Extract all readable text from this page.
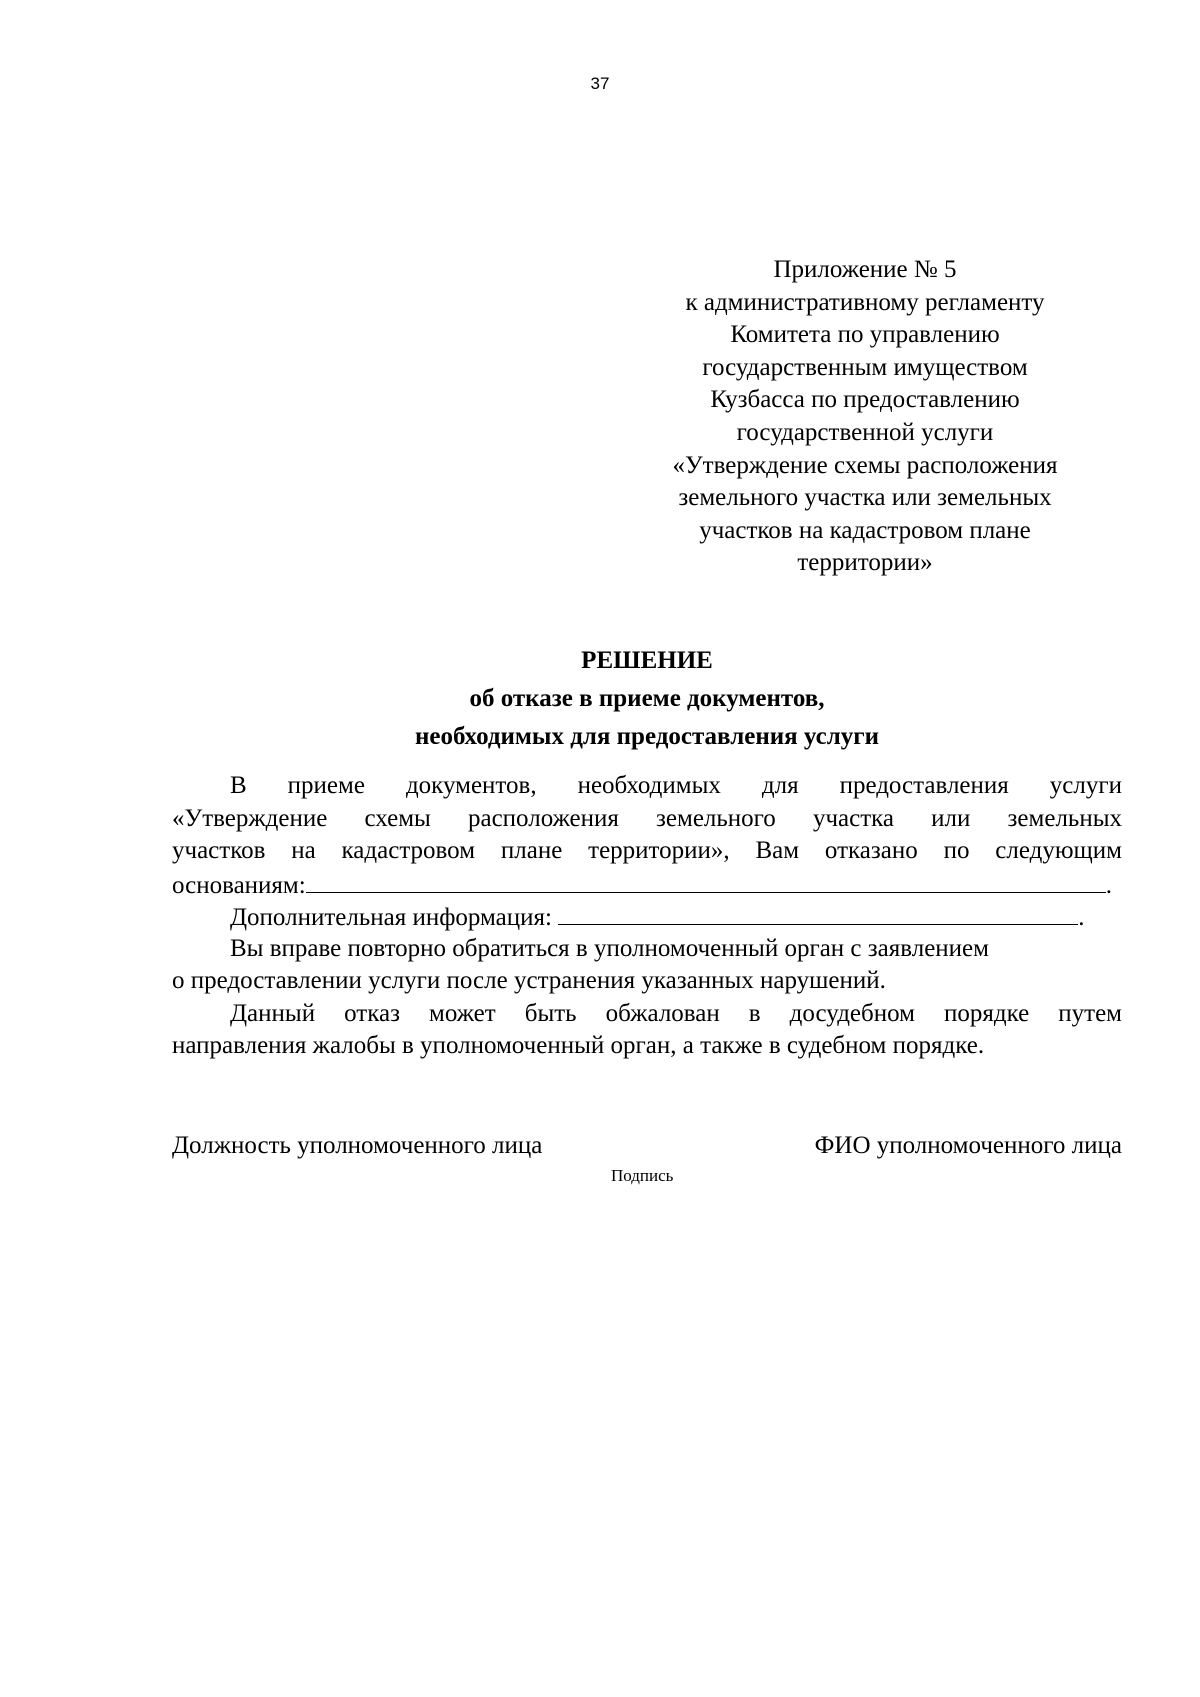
37
Приложение № 5
к административному регламенту
Комитета по управлению
государственным имуществом
Кузбасса по предоставлению
государственной услуги
«Утверждение схемы расположения
земельного участка или земельных
участков на кадастровом плане
территории»
РЕШЕНИЕ
об отказе в приеме документов,
необходимых для предоставления услуги
В приеме документов, необходимых для предоставления услуги
«Утверждение схемы расположения земельного участка или земельных
участков на кадастровом плане территории», Вам отказано по следующим
основаниям:	.
Дополнительная информация:	.
Вы вправе повторно обратиться в уполномоченный орган с заявлением
о предоставлении услуги после устранения указанных нарушений.
Данный отказ может быть обжалован в досудебном порядке путем
направления жалобы в уполномоченный орган, а также в судебном порядке.
Должность уполномоченного лица	ФИО уполномоченного лица
Подпись
